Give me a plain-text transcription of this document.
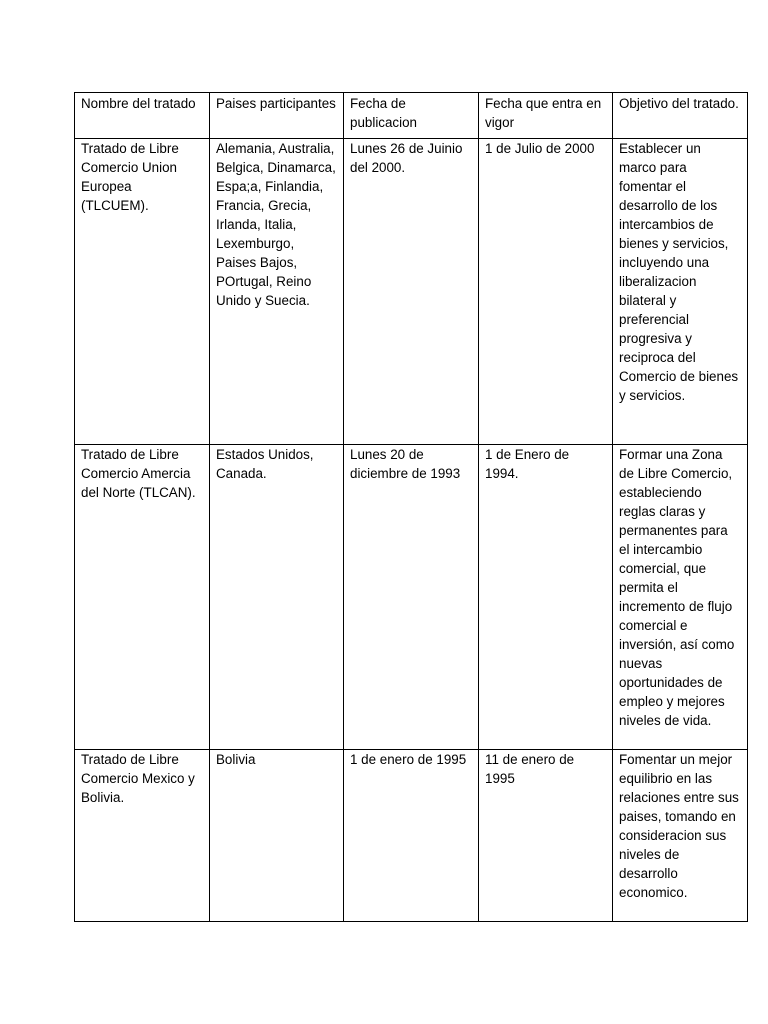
Nombre del tratado	Paises participantes	Fecha de publicacion	Fecha que entra en vigor	Objetivo del tratado.
Tratado de Libre Comercio Union Europea (TLCUEM).	Alemania, Australia, Belgica, Dinamarca, Espa;a, Finlandia, Francia, Grecia, Irlanda, Italia, Lexemburgo, Paises Bajos, POrtugal, Reino Unido y Suecia.	Lunes 26 de Juinio del 2000.	1 de Julio de 2000	Establecer un marco para fomentar el desarrollo de los intercambios de bienes y servicios, incluyendo una liberalizacion bilateral y preferencial progresiva y reciproca del Comercio de bienes y servicios.
Tratado de Libre Comercio Amercia del Norte (TLCAN).	Estados Unidos, Canada.	Lunes 20 de diciembre de 1993	1 de Enero de 1994.	Formar una Zona de Libre Comercio, estableciendo reglas claras y permanentes para el intercambio comercial, que permita el incremento de flujo comercial e inversión, así como nuevas oportunidades de empleo y mejores niveles de vida.
Tratado de Libre Comercio Mexico y Bolivia.	Bolivia	1 de enero de 1995	11 de enero de 1995	Fomentar un mejor equilibrio en las relaciones entre sus paises, tomando en consideracion sus niveles de desarrollo economico.
